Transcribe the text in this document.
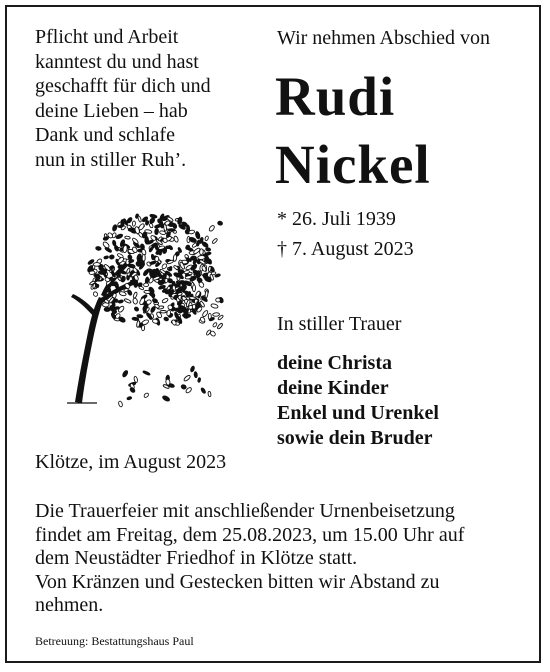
Pflicht und Arbeit
kanntest du und hast
geschafft für dich und
deine Lieben – hab
Dank und schlafe
nun in stiller Ruh’.
Wir nehmen Abschied von
Rudi
Nickel
* 26. Juli 1939
† 7. August 2023
In stiller Trauer
deine Christa
deine Kinder
Enkel und Urenkel
sowie dein Bruder
Klötze, im August 2023
Die Trauerfeier mit anschließender Urnenbeisetzung
findet am Freitag, dem 25.08.2023, um 15.00 Uhr auf
dem Neustädter Friedhof in Klötze statt.
Von Kränzen und Gestecken bitten wir Abstand zu
nehmen.
Betreuung: Bestattungshaus Paul
